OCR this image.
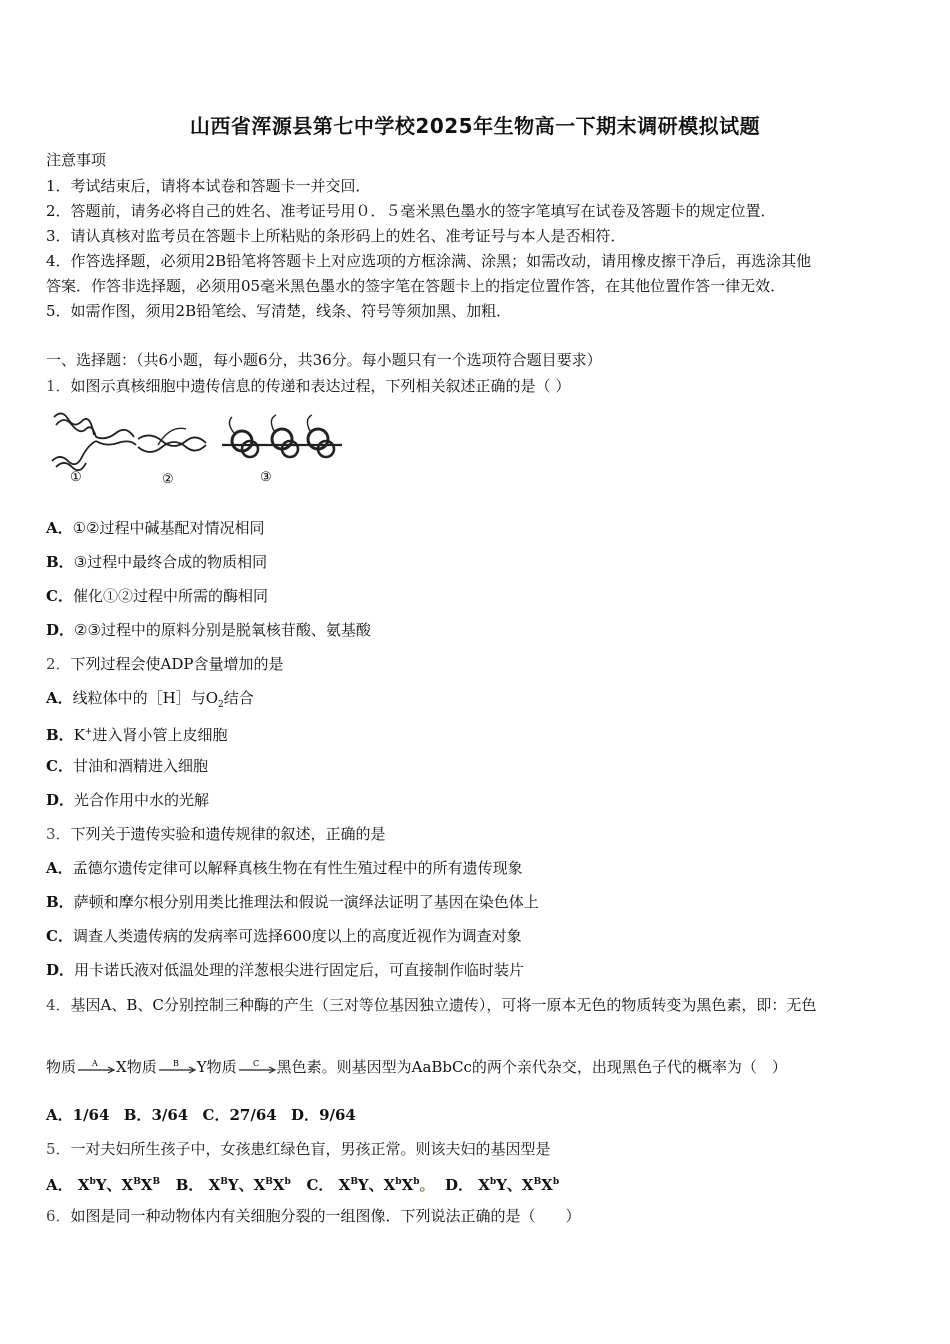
山西省浑源县第七中学校2025年生物高一下期末调研模拟试题
注意事项
1．考试结束后，请将本试卷和答题卡一并交回．
2．答题前，请务必将自己的姓名、准考证号用０．５毫米黑色墨水的签字笔填写在试卷及答题卡的规定位置．
3．请认真核对监考员在答题卡上所粘贴的条形码上的姓名、准考证号与本人是否相符．
4．作答选择题，必须用2B铅笔将答题卡上对应选项的方框涂满、涂黑；如需改动，请用橡皮擦干净后，再选涂其他
答案．作答非选择题，必须用05毫米黑色墨水的签字笔在答题卡上的指定位置作答，在其他位置作答一律无效．
5．如需作图，须用2B铅笔绘、写清楚，线条、符号等须加黑、加粗．
一、选择题：（共6小题，每小题6分，共36分。每小题只有一个选项符合题目要求）
1．如图示真核细胞中遗传信息的传递和表达过程，下列相关叙述正确的是（ ）
①	②	③
A．①②过程中碱基配对情况相同
B．③过程中最终合成的物质相同
C．催化①②过程中所需的酶相同
D．②③过程中的原料分别是脱氧核苷酸、氨基酸
2．下列过程会使ADP含量增加的是
A．线粒体中的［H］与$O_2$结合
B．K+进入肾小管上皮细胞
C．甘油和酒精进入细胞
D．光合作用中水的光解
3．下列关于遗传实验和遗传规律的叙述，正确的是
A．孟德尔遗传定律可以解释真核生物在有性生殖过程中的所有遗传现象
B．萨顿和摩尔根分别用类比推理法和假说一演绎法证明了基因在染色体上
C．调查人类遗传病的发病率可选择600度以上的高度近视作为调查对象
D．用卡诺氏液对低温处理的洋葱根尖进行固定后，可直接制作临时装片
4．基因A、B、C分别控制三种酶的产生（三对等位基因独立遗传），可将一原本无色的物质转变为黑色素，即：无色
物质 A X物质 B Y物质 C 黑色素。则基因型为AaBbCc的两个亲代杂交，出现黑色子代的概率为（　）
A．1/64 B．3/64 C．27/64 D．9/64
5．一对夫妇所生孩子中，女孩患红绿色盲，男孩正常。则该夫妇的基因型是
A． $X^bY$、$X^BX^B$ B． $X^BY$、$X^BX^b$ C． $X^BY$、$X^bX^b$。 D． $X^bY$、$X^BX^b$
6．如图是同一种动物体内有关细胞分裂的一组图像．下列说法正确的是（　　）
